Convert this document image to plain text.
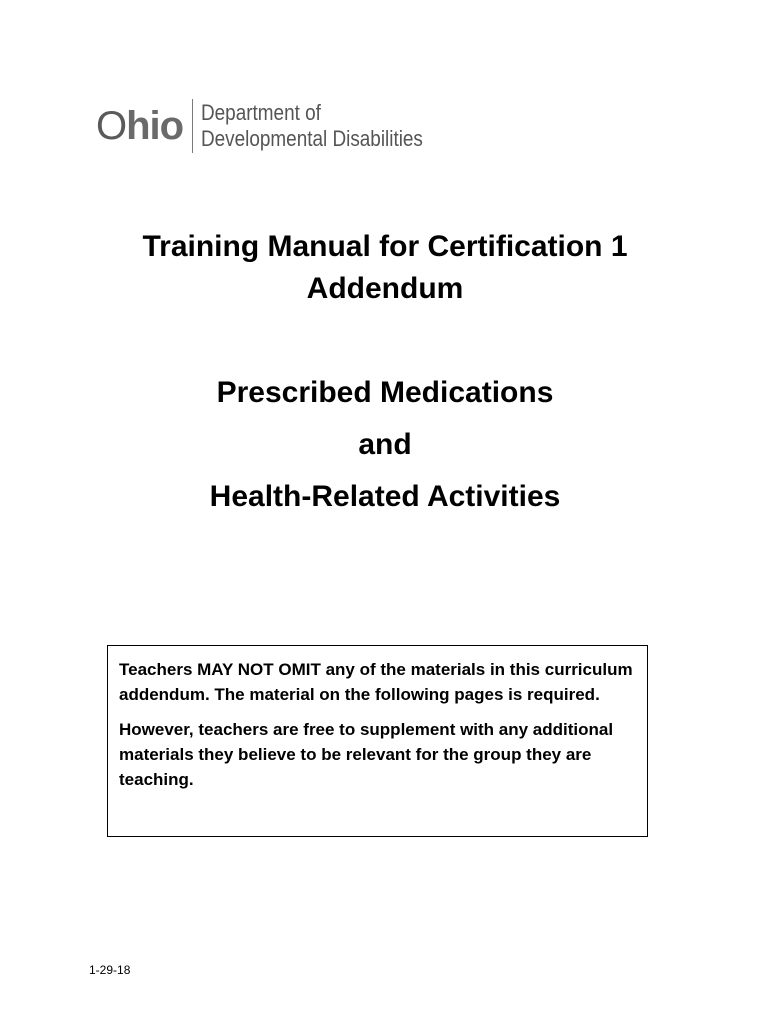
Ohio Department of
Developmental Disabilities
Training Manual for Certification 1
Addendum
Prescribed Medications
and
Health-Related Activities

Teachers MAY NOT OMIT any of the materials in this curriculum addendum. The material on the following pages is required.

However, teachers are free to supplement with any additional materials they believe to be relevant for the group they are teaching.

1-29-18
